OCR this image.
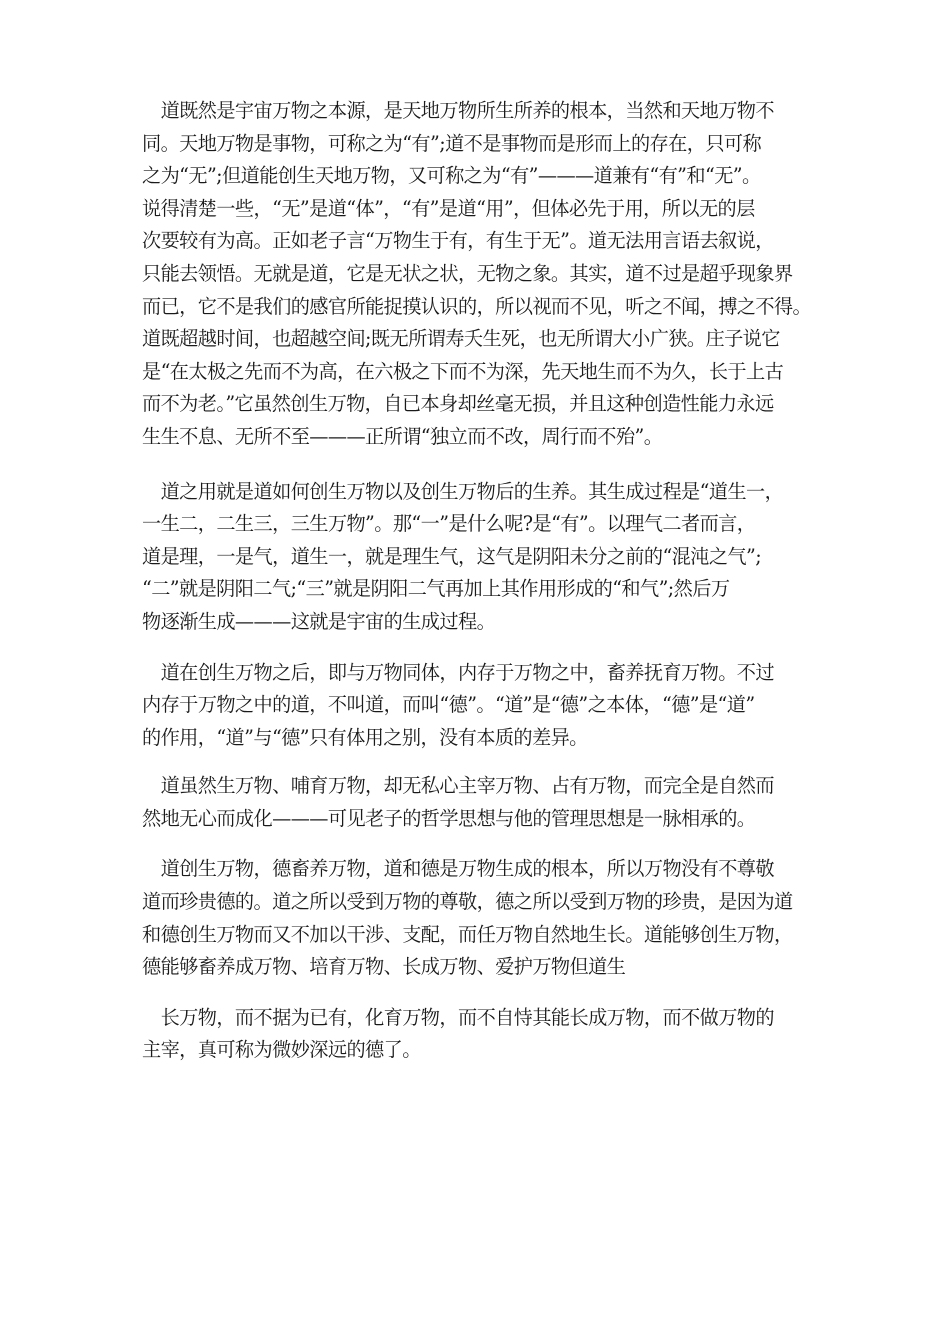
　道既然是宇宙万物之本源，是天地万物所生所养的根本，当然和天地万物不
同。天地万物是事物，可称之为“有”;道不是事物而是形而上的存在，只可称
之为“无”;但道能创生天地万物，又可称之为“有”———道兼有“有”和“无”。
说得清楚一些，“无”是道“体”，“有”是道“用”，但体必先于用，所以无的层
次要较有为高。正如老子言“万物生于有，有生于无”。道无法用言语去叙说，
只能去领悟。无就是道，它是无状之状，无物之象。其实，道不过是超乎现象界
而已，它不是我们的感官所能捉摸认识的，所以视而不见，听之不闻，搏之不得。
道既超越时间，也超越空间;既无所谓寿夭生死，也无所谓大小广狭。庄子说它
是“在太极之先而不为高，在六极之下而不为深，先天地生而不为久，长于上古
而不为老。”它虽然创生万物，自已本身却丝毫无损，并且这种创造性能力永远
生生不息、无所不至———正所谓“独立而不改，周行而不殆”。

　道之用就是道如何创生万物以及创生万物后的生养。其生成过程是“道生一，
一生二，二生三，三生万物”。那“一”是什么呢?是“有”。以理气二者而言，
道是理，一是气，道生一，就是理生气，这气是阴阳未分之前的“混沌之气”;
“二”就是阴阳二气;“三”就是阴阳二气再加上其作用形成的“和气”;然后万
物逐渐生成———这就是宇宙的生成过程。

　道在创生万物之后，即与万物同体，内存于万物之中，畜养抚育万物。不过
内存于万物之中的道，不叫道，而叫“德”。“道”是“德”之本体，“德”是“道”
的作用，“道”与“德”只有体用之别，没有本质的差异。

　道虽然生万物、哺育万物，却无私心主宰万物、占有万物，而完全是自然而
然地无心而成化———可见老子的哲学思想与他的管理思想是一脉相承的。

　道创生万物，德畜养万物，道和德是万物生成的根本，所以万物没有不尊敬
道而珍贵德的。道之所以受到万物的尊敬，德之所以受到万物的珍贵，是因为道
和德创生万物而又不加以干涉、支配，而任万物自然地生长。道能够创生万物，
德能够畜养成万物、培育万物、长成万物、爱护万物但道生

　长万物，而不据为已有，化育万物，而不自恃其能长成万物，而不做万物的
主宰，真可称为微妙深远的德了。
